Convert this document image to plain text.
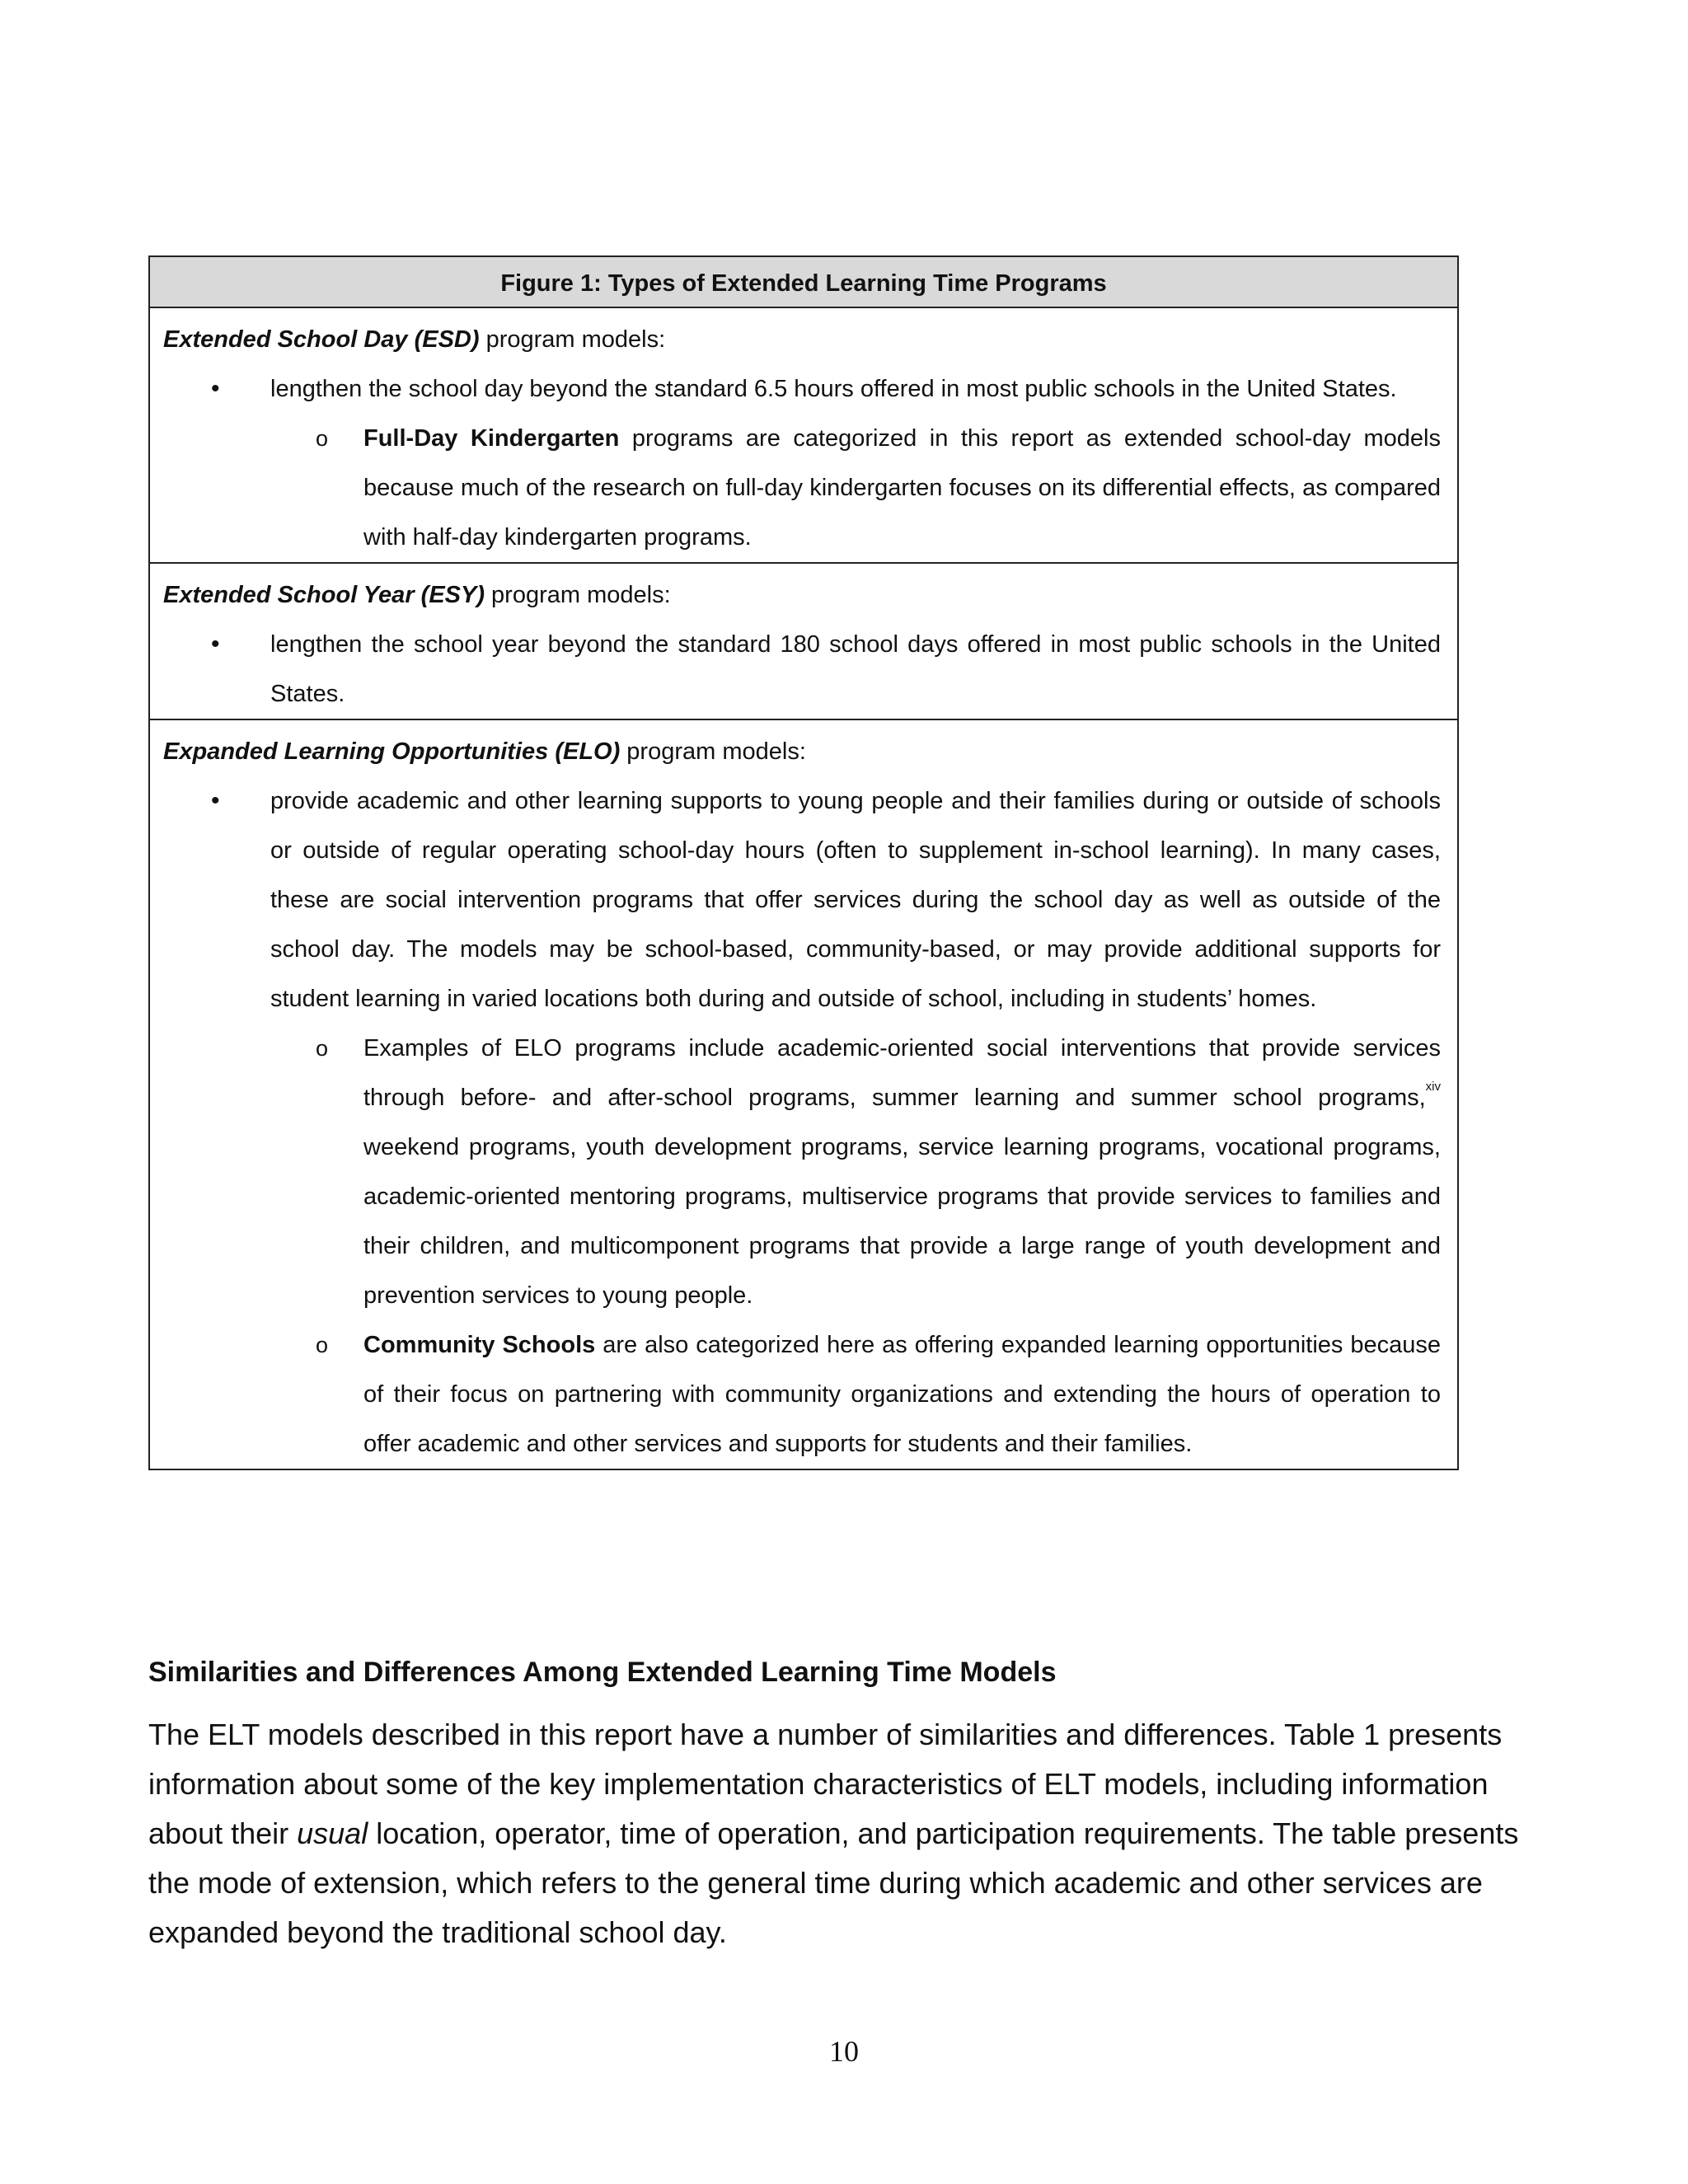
Figure 1: Types of Extended Learning Time Programs
Extended School Day (ESD) program models:
• lengthen the school day beyond the standard 6.5 hours offered in most public schools in the United States.
o Full-Day Kindergarten programs are categorized in this report as extended school-day models because much of the research on full-day kindergarten focuses on its differential effects, as compared with half-day kindergarten programs.
Extended School Year (ESY) program models:
• lengthen the school year beyond the standard 180 school days offered in most public schools in the United States.
Expanded Learning Opportunities (ELO) program models:
• provide academic and other learning supports to young people and their families during or outside of schools or outside of regular operating school-day hours (often to supplement in-school learning). In many cases, these are social intervention programs that offer services during the school day as well as outside of the school day. The models may be school-based, community-based, or may provide additional supports for student learning in varied locations both during and outside of school, including in students’ homes.
o Examples of ELO programs include academic-oriented social interventions that provide services through before- and after-school programs, summer learning and summer school programs,$^{xiv}$ weekend programs, youth development programs, service learning programs, vocational programs, academic-oriented mentoring programs, multiservice programs that provide services to families and their children, and multicomponent programs that provide a large range of youth development and prevention services to young people.
o Community Schools are also categorized here as offering expanded learning opportunities because of their focus on partnering with community organizations and extending the hours of operation to offer academic and other services and supports for students and their families.
Similarities and Differences Among Extended Learning Time Models
The ELT models described in this report have a number of similarities and differences. Table 1 presents information about some of the key implementation characteristics of ELT models, including information about their usual location, operator, time of operation, and participation requirements. The table presents the mode of extension, which refers to the general time during which academic and other services are expanded beyond the traditional school day.
10
